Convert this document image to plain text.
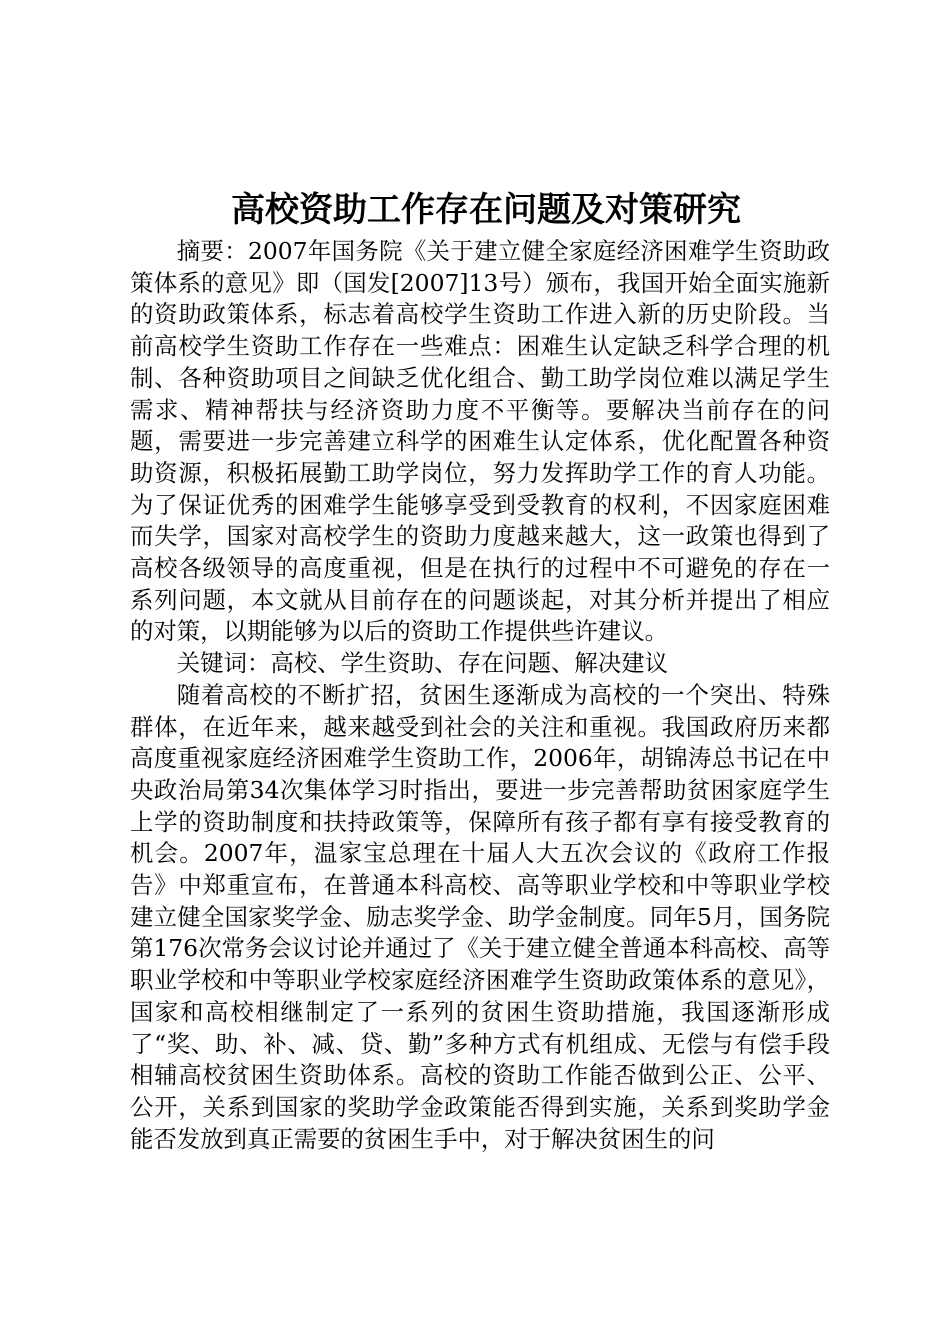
高校资助工作存在问题及对策研究

摘要：2007年国务院《关于建立健全家庭经济困难学生资助政策体系的意见》即（国发[2007]13号）颁布，我国开始全面实施新的资助政策体系，标志着高校学生资助工作进入新的历史阶段。当前高校学生资助工作存在一些难点：困难生认定缺乏科学合理的机制、各种资助项目之间缺乏优化组合、勤工助学岗位难以满足学生需求、精神帮扶与经济资助力度不平衡等。要解决当前存在的问题，需要进一步完善建立科学的困难生认定体系，优化配置各种资助资源，积极拓展勤工助学岗位，努力发挥助学工作的育人功能。为了保证优秀的困难学生能够享受到受教育的权利，不因家庭困难而失学，国家对高校学生的资助力度越来越大，这一政策也得到了高校各级领导的高度重视，但是在执行的过程中不可避免的存在一系列问题，本文就从目前存在的问题谈起，对其分析并提出了相应的对策，以期能够为以后的资助工作提供些许建议。

关键词：高校、学生资助、存在问题、解决建议

随着高校的不断扩招，贫困生逐渐成为高校的一个突出、特殊群体，在近年来，越来越受到社会的关注和重视。我国政府历来都高度重视家庭经济困难学生资助工作，2006年，胡锦涛总书记在中央政治局第34次集体学习时指出，要进一步完善帮助贫困家庭学生上学的资助制度和扶持政策等，保障所有孩子都有享有接受教育的机会。2007年，温家宝总理在十届人大五次会议的《政府工作报告》中郑重宣布，在普通本科高校、高等职业学校和中等职业学校建立健全国家奖学金、励志奖学金、助学金制度。同年5月，国务院第176次常务会议讨论并通过了《关于建立健全普通本科高校、高等职业学校和中等职业学校家庭经济困难学生资助政策体系的意见》，国家和高校相继制定了一系列的贫困生资助措施，我国逐渐形成了“奖、助、补、减、贷、勤”多种方式有机组成、无偿与有偿手段相辅高校贫困生资助体系。高校的资助工作能否做到公正、公平、公开，关系到国家的奖助学金政策能否得到实施，关系到奖助学金能否发放到真正需要的贫困生手中，对于解决贫困生的问
